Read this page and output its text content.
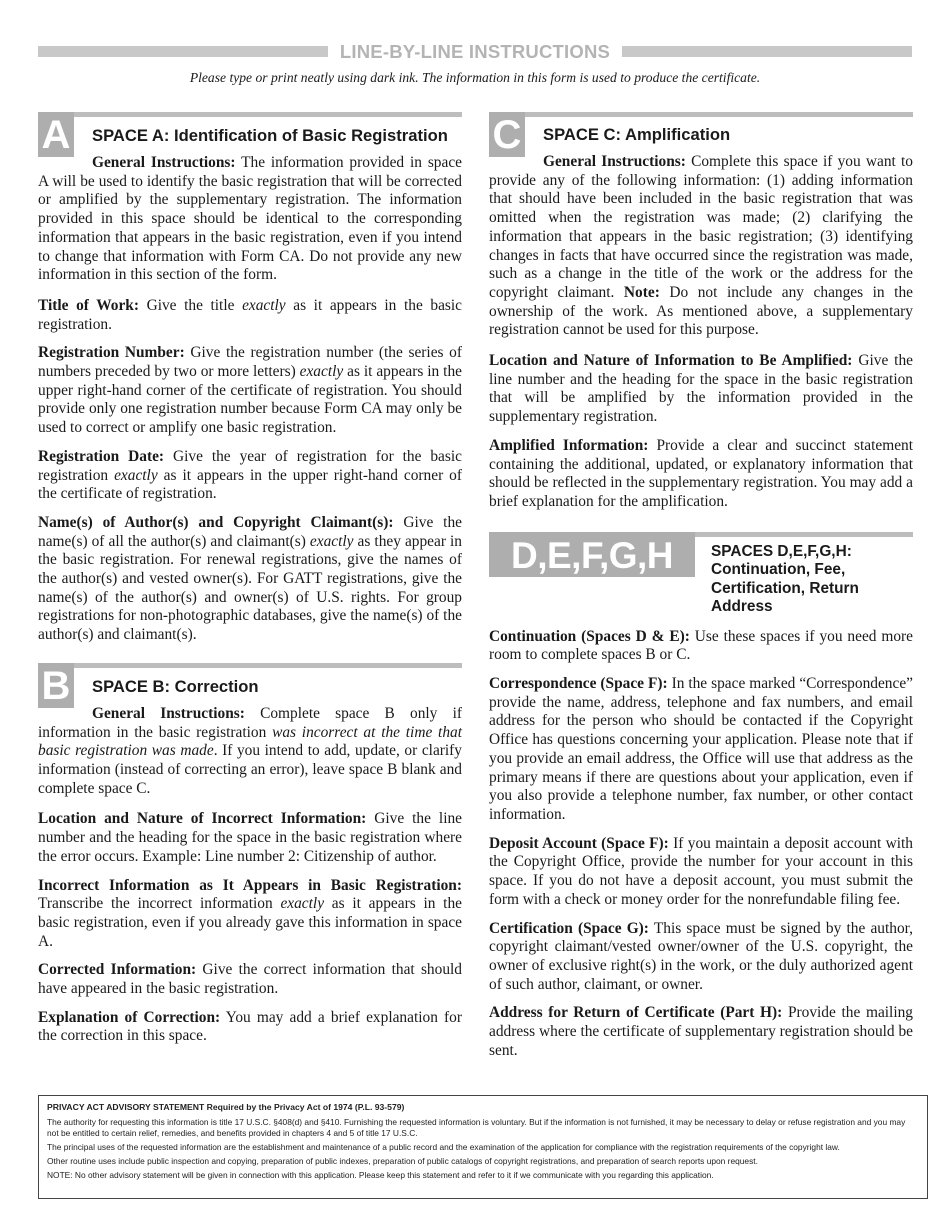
LINE-BY-LINE INSTRUCTIONS
Please type or print neatly using dark ink. The information in this form is used to produce the certificate.
A SPACE A: Identification of Basic Registration

General Instructions: The information provided in space A will be used to identify the basic registration that will be corrected or amplified by the supplementary registration. The information provided in this space should be identical to the corresponding information that appears in the basic registration, even if you intend to change that information with Form CA. Do not provide any new information in this section of the form.

Title of Work: Give the title exactly as it appears in the basic registration.

Registration Number: Give the registration number (the series of numbers preceded by two or more letters) exactly as it appears in the upper right-hand corner of the certificate of registration. You should provide only one registration number because Form CA may only be used to correct or amplify one basic registration.

Registration Date: Give the year of registration for the basic registration exactly as it appears in the upper right-hand corner of the certificate of registration.

Name(s) of Author(s) and Copyright Claimant(s): Give the name(s) of all the author(s) and claimant(s) exactly as they appear in the basic registration. For renewal registrations, give the names of the author(s) and vested owner(s). For GATT registrations, give the name(s) of the author(s) and owner(s) of U.S. rights. For group registrations for non-photographic databases, give the name(s) of the author(s) and claimant(s).

B SPACE B: Correction

General Instructions: Complete space B only if information in the basic registration was incorrect at the time that basic registration was made. If you intend to add, update, or clarify information (instead of correcting an error), leave space B blank and complete space C.

Location and Nature of Incorrect Information: Give the line number and the heading for the space in the basic registration where the error occurs. Example: Line number 2: Citizenship of author.

Incorrect Information as It Appears in Basic Registration: Transcribe the incorrect information exactly as it appears in the basic registration, even if you already gave this information in space A.

Corrected Information: Give the correct information that should have appeared in the basic registration.

Explanation of Correction: You may add a brief explanation for the correction in this space.

C SPACE C: Amplification

General Instructions: Complete this space if you want to provide any of the following information: (1) adding information that should have been included in the basic registration that was omitted when the registration was made; (2) clarifying the information that appears in the basic registration; (3) identifying changes in facts that have occurred since the registration was made, such as a change in the title of the work or the address for the copyright claimant. Note: Do not include any changes in the ownership of the work. As mentioned above, a supplementary registration cannot be used for this purpose.

Location and Nature of Information to Be Amplified: Give the line number and the heading for the space in the basic registration that will be amplified by the information provided in the supplementary registration.

Amplified Information: Provide a clear and succinct statement containing the additional, updated, or explanatory information that should be reflected in the supplementary registration. You may add a brief explanation for the amplification.

D,E,F,G,H	SPACES D,E,F,G,H: Continuation, Fee, Certification, Return Address

Continuation (Spaces D & E): Use these spaces if you need more room to complete spaces B or C.

Correspondence (Space F): In the space marked “Correspondence” provide the name, address, telephone and fax numbers, and email address for the person who should be contacted if the Copyright Office has questions concerning your application. Please note that if you provide an email address, the Office will use that address as the primary means if there are questions about your application, even if you also provide a telephone number, fax number, or other contact information.

Deposit Account (Space F): If you maintain a deposit account with the Copyright Office, provide the number for your account in this space. If you do not have a deposit account, you must submit the form with a check or money order for the nonrefundable filing fee.

Certification (Space G): This space must be signed by the author, copyright claimant/vested owner/owner of the U.S. copyright, the owner of exclusive right(s) in the work, or the duly authorized agent of such author, claimant, or owner.

Address for Return of Certificate (Part H): Provide the mailing address where the certificate of supplementary registration should be sent.

PRIVACY ACT ADVISORY STATEMENT Required by the Privacy Act of 1974 (P.L. 93-579)
The authority for requesting this information is title 17 U.S.C. §408(d) and §410. Furnishing the requested information is voluntary. But if the information is not furnished, it may be necessary to delay or refuse registration and you may not be entitled to certain relief, remedies, and benefits provided in chapters 4 and 5 of title 17 U.S.C.
The principal uses of the requested information are the establishment and maintenance of a public record and the examination of the application for compliance with the registration requirements of the copyright law.
Other routine uses include public inspection and copying, preparation of public indexes, preparation of public catalogs of copyright registrations, and preparation of search reports upon request.
NOTE: No other advisory statement will be given in connection with this application. Please keep this statement and refer to it if we communicate with you regarding this application.
